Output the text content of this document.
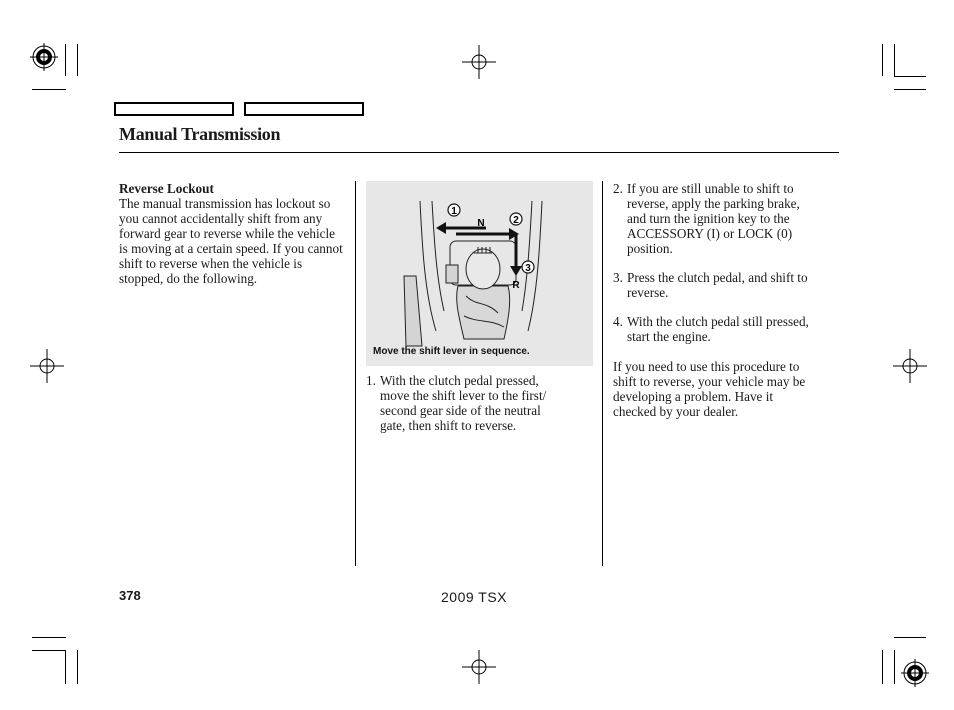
Manual Transmission
Reverse Lockout
The manual transmission has lockout so you cannot accidentally shift from any forward gear to reverse while the vehicle is moving at a certain speed. If you cannot shift to reverse when the vehicle is stopped, do the following.
1
2
3
N
R
Move the shift lever in sequence.
1. With the clutch pedal pressed,
move the shift lever to the first/
second gear side of the neutral
gate, then shift to reverse.
2. If you are still unable to shift to
reverse, apply the parking brake,
and turn the ignition key to the
ACCESSORY (I) or LOCK (0)
position.
3. Press the clutch pedal, and shift to
reverse.
4. With the clutch pedal still pressed,
start the engine.
If you need to use this procedure to
shift to reverse, your vehicle may be
developing a problem. Have it
checked by your dealer.
378	2009 TSX
